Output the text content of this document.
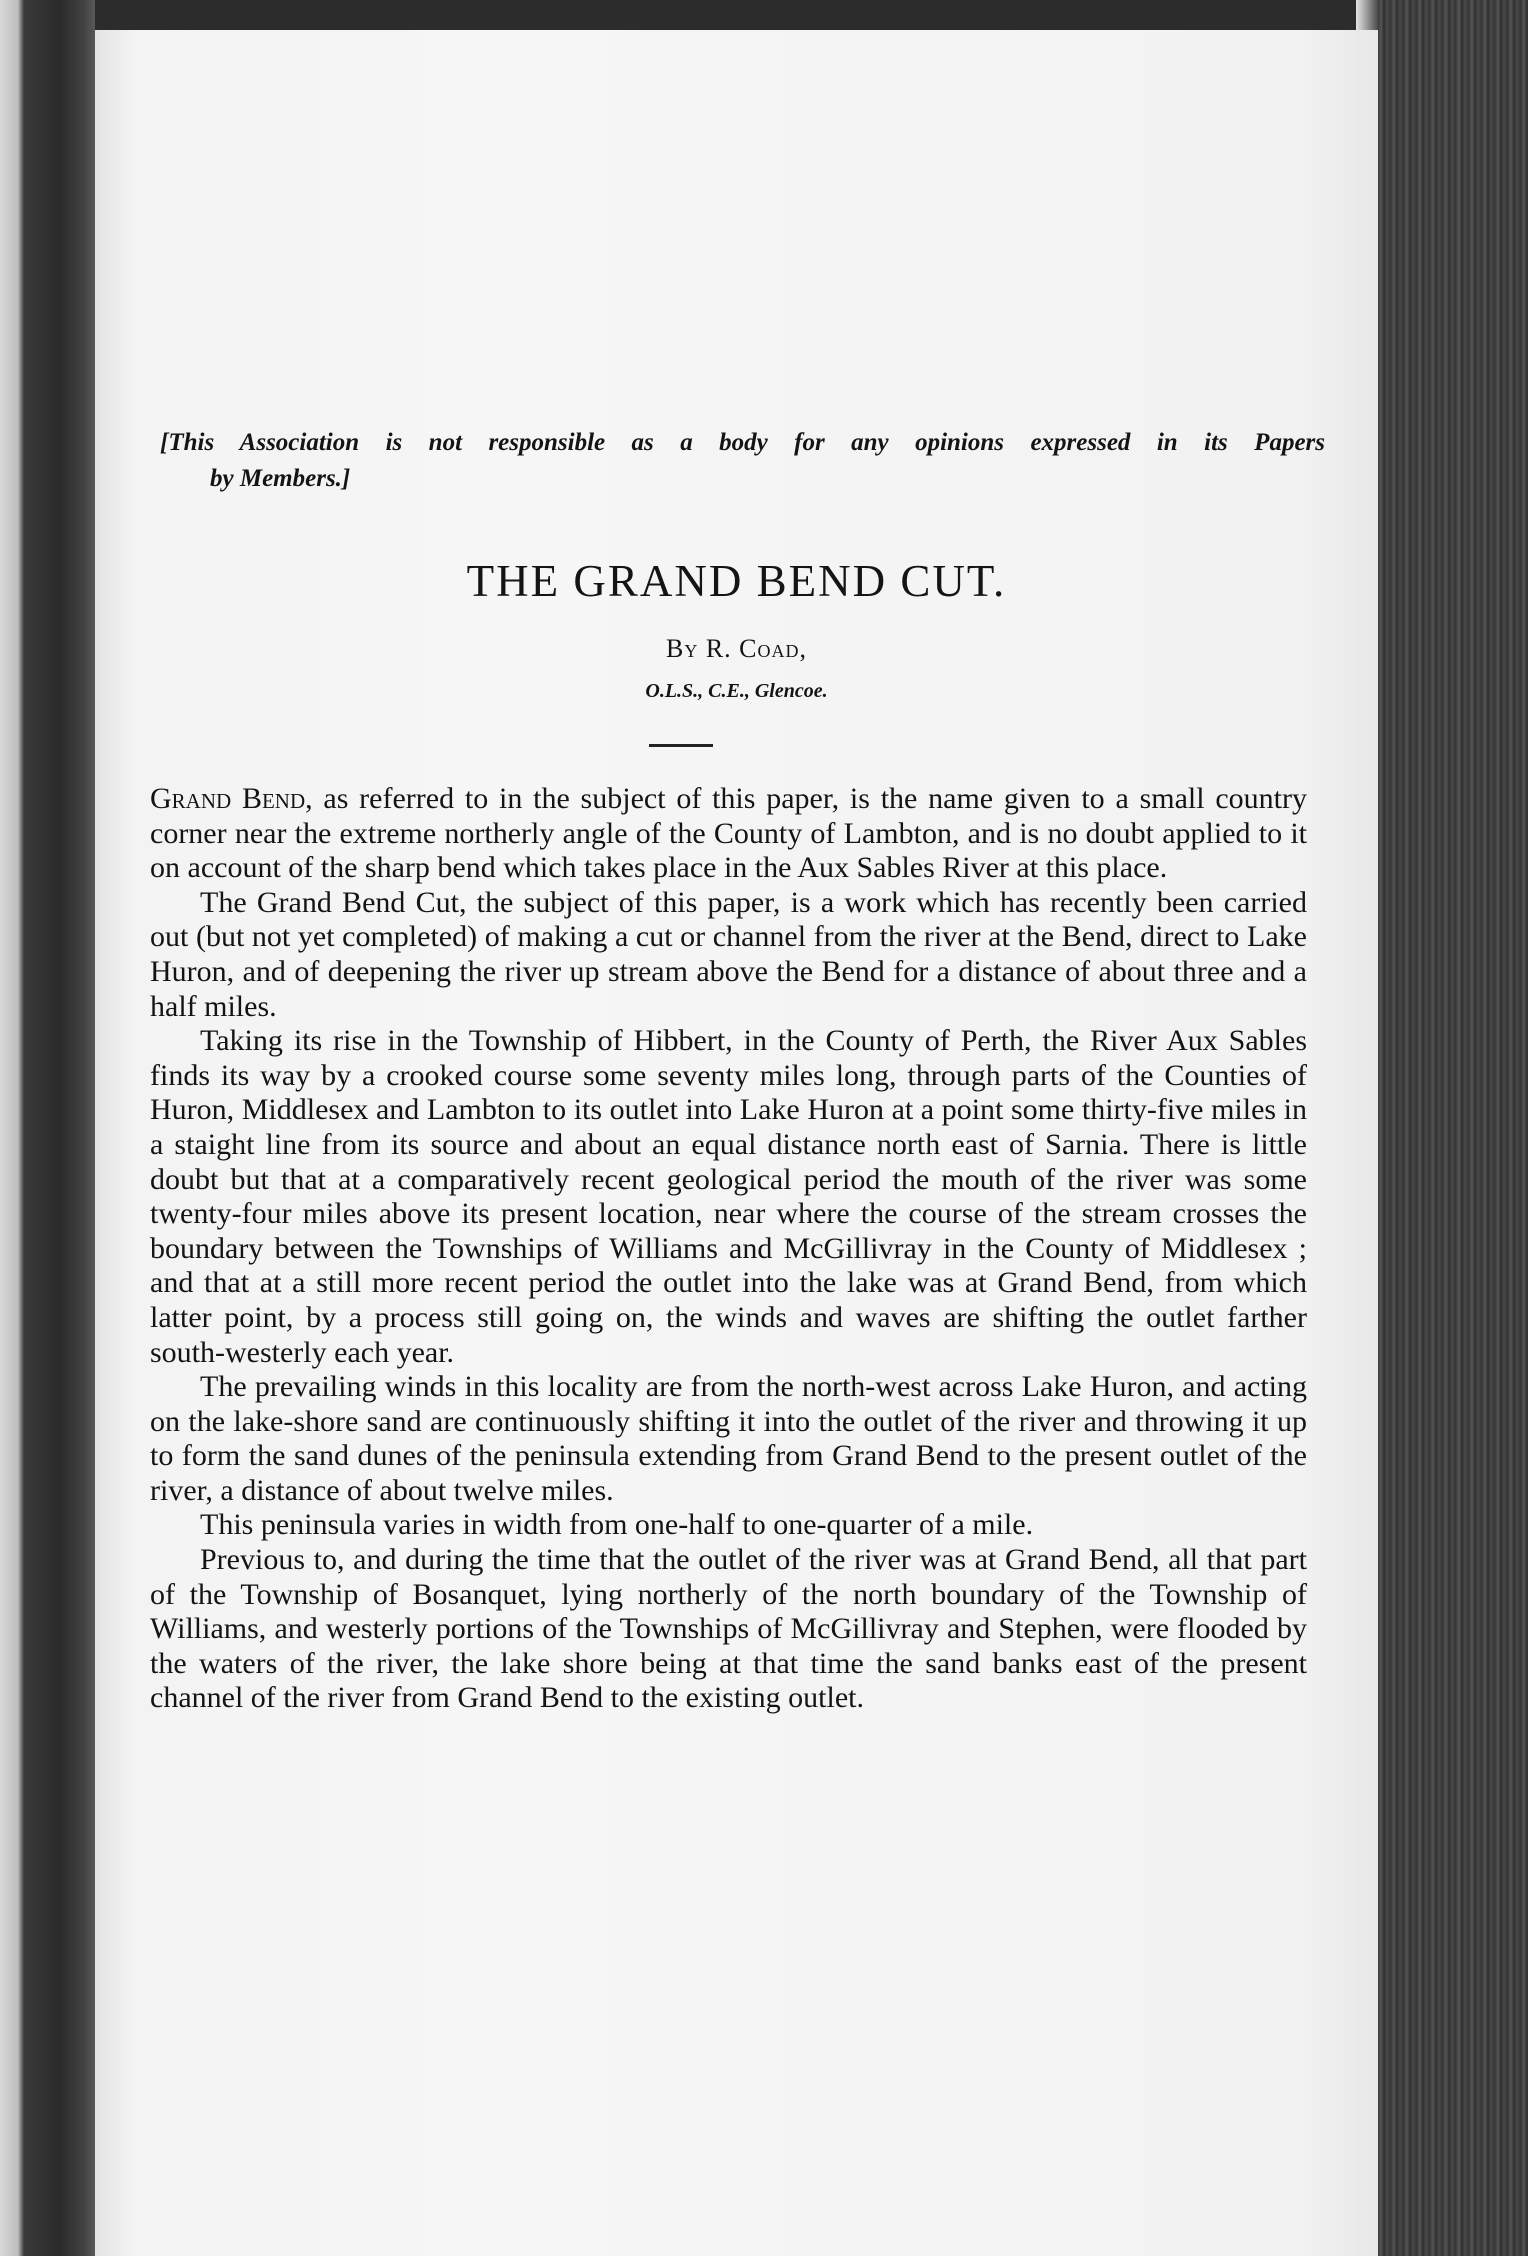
[This Association is not responsible as a body for any opinions expressed in its Papers
by Members.]
THE GRAND BEND CUT.
By R. Coad,
O.L.S., C.E., Glencoe.

Grand Bend, as referred to in the subject of this paper, is the name given to a small country corner near the extreme northerly angle of the County of Lambton, and is no doubt applied to it on account of the sharp bend which takes place in the Aux Sables River at this place.

The Grand Bend Cut, the subject of this paper, is a work which has recently been carried out (but not yet completed) of making a cut or channel from the river at the Bend, direct to Lake Huron, and of deepening the river up stream above the Bend for a distance of about three and a half miles.

Taking its rise in the Township of Hibbert, in the County of Perth, the River Aux Sables finds its way by a crooked course some seventy miles long, through parts of the Counties of Huron, Middlesex and Lambton to its outlet into Lake Huron at a point some thirty-five miles in a staight line from its source and about an equal distance north east of Sarnia. There is little doubt but that at a comparatively recent geological period the mouth of the river was some twenty-four miles above its present location, near where the course of the stream crosses the boundary between the Townships of Williams and McGillivray in the County of Middlesex ; and that at a still more recent period the outlet into the lake was at Grand Bend, from which latter point, by a process still going on, the winds and waves are shifting the outlet farther south-westerly each year.

The prevailing winds in this locality are from the north-west across Lake Huron, and acting on the lake-shore sand are continuously shifting it into the outlet of the river and throwing it up to form the sand dunes of the peninsula extending from Grand Bend to the present outlet of the river, a distance of about twelve miles.

This peninsula varies in width from one-half to one-quarter of a mile.

Previous to, and during the time that the outlet of the river was at Grand Bend, all that part of the Township of Bosanquet, lying northerly of the north boundary of the Township of Williams, and westerly portions of the Townships of McGillivray and Stephen, were flooded by the waters of the river, the lake shore being at that time the sand banks east of the present channel of the river from Grand Bend to the existing outlet.
